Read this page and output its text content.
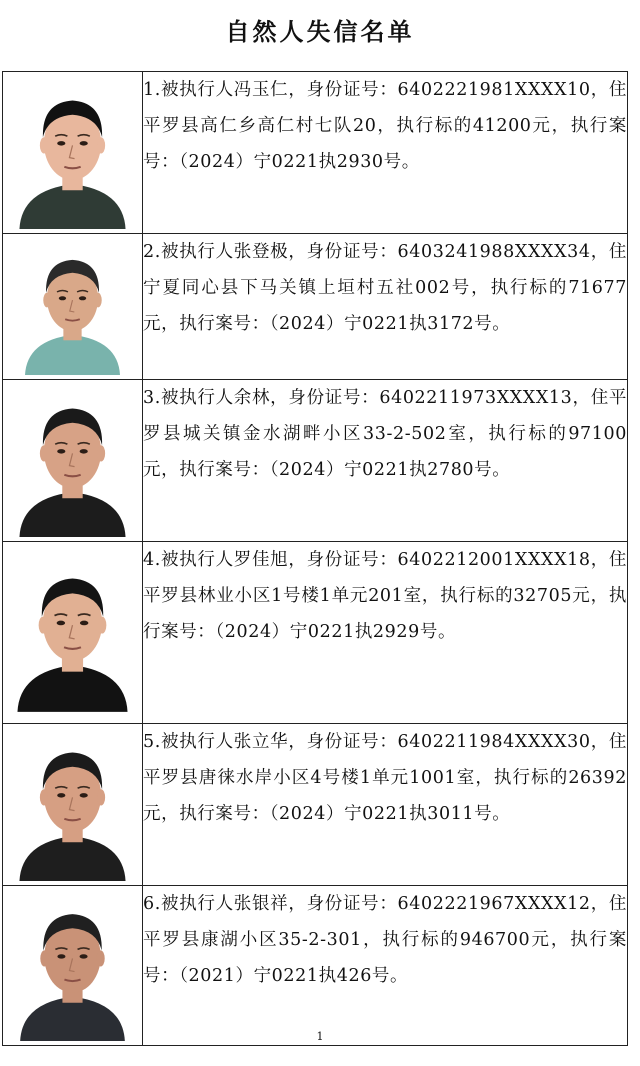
自然人失信名单
	1.被执行人冯玉仁，身份证号：6402221981XXXX10，住平罗县高仁乡高仁村七队20，执行标的41200元，执行案号：（2024）宁0221执2930号。

	2.被执行人张登极，身份证号：6403241988XXXX34，住宁夏同心县下马关镇上垣村五社002号，执行标的71677元，执行案号：（2024）宁0221执3172号。

	3.被执行人余林，身份证号：6402211973XXXX13，住平罗县城关镇金水湖畔小区33-2-502室，执行标的97100元，执行案号：（2024）宁0221执2780号。

	4.被执行人罗佳旭，身份证号：6402212001XXXX18，住平罗县林业小区1号楼1单元201室，执行标的32705元，执行案号：（2024）宁0221执2929号。

	5.被执行人张立华，身份证号：6402211984XXXX30，住平罗县唐徕水岸小区4号楼1单元1001室，执行标的26392元，执行案号：（2024）宁0221执3011号。

	6.被执行人张银祥，身份证号：6402221967XXXX12，住平罗县康湖小区35-2-301，执行标的946700元，执行案号：（2021）宁0221执426号。
1
